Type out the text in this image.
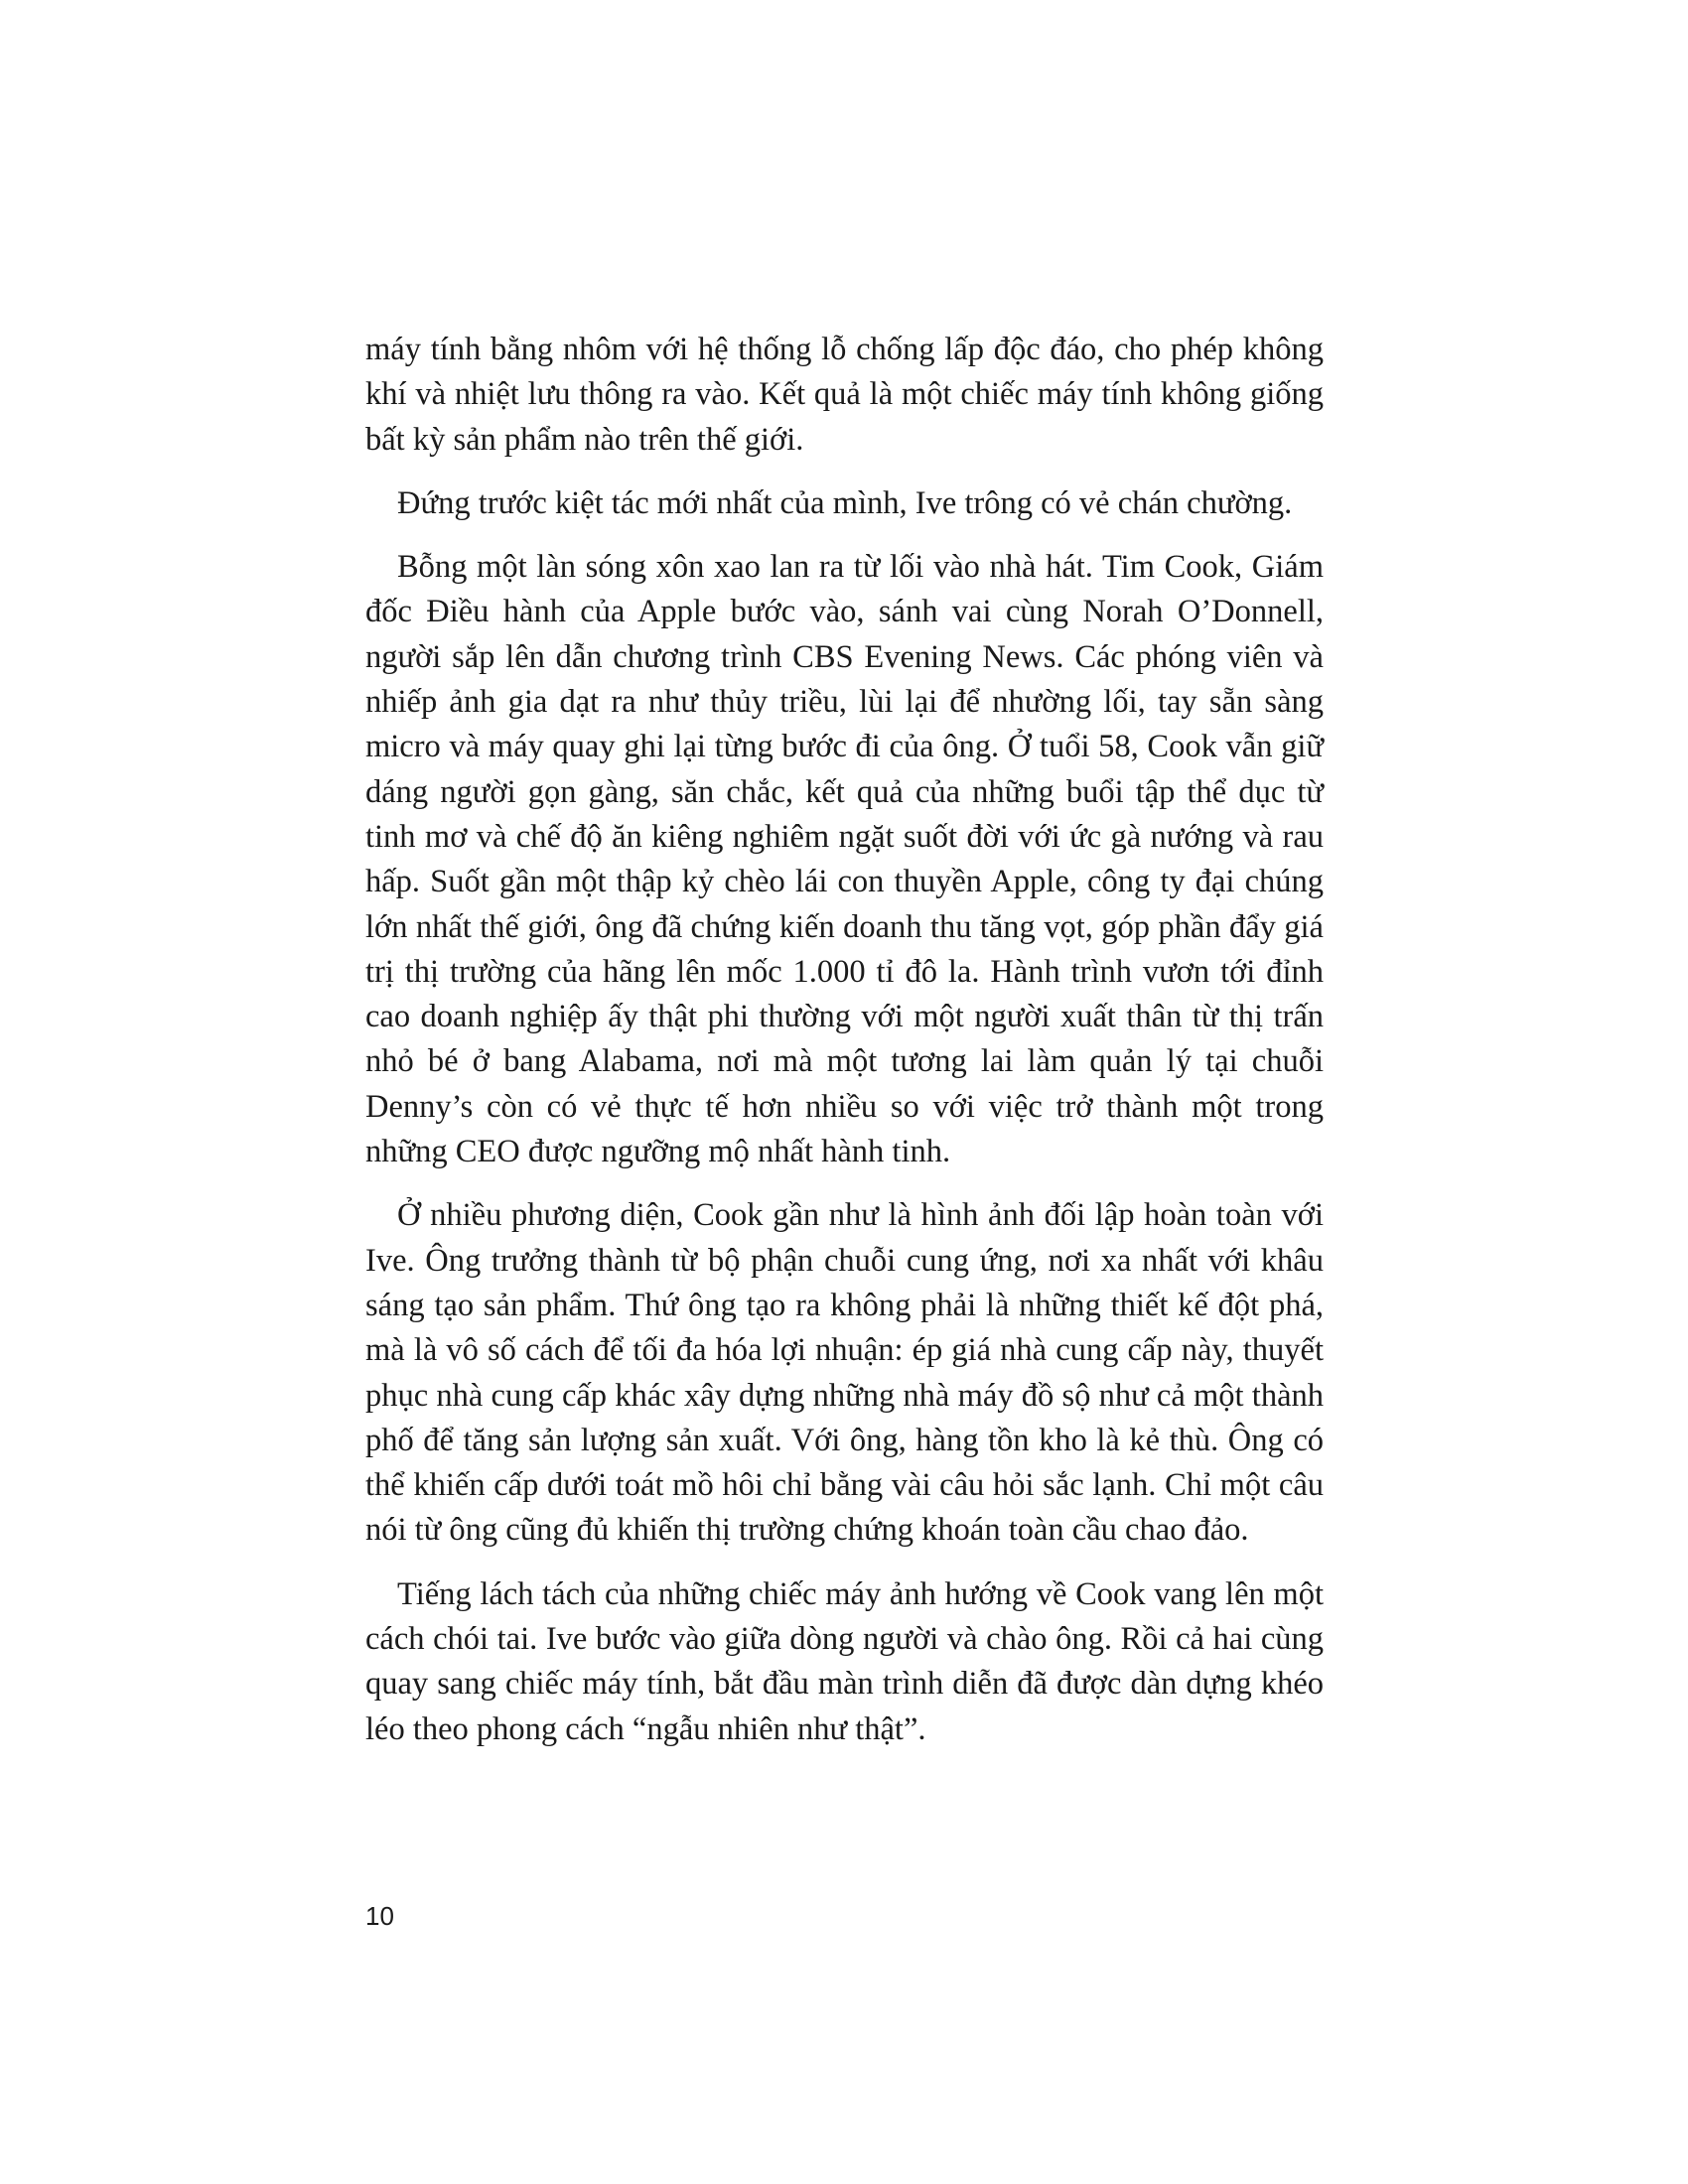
máy tính bằng nhôm với hệ thống lỗ chống lấp độc đáo, cho phép không khí và nhiệt lưu thông ra vào. Kết quả là một chiếc máy tính không giống bất kỳ sản phẩm nào trên thế giới.

Đứng trước kiệt tác mới nhất của mình, Ive trông có vẻ chán chường.

Bỗng một làn sóng xôn xao lan ra từ lối vào nhà hát. Tim Cook, Giám đốc Điều hành của Apple bước vào, sánh vai cùng Norah O’Donnell, người sắp lên dẫn chương trình CBS Evening News. Các phóng viên và nhiếp ảnh gia dạt ra như thủy triều, lùi lại để nhường lối, tay sẵn sàng micro và máy quay ghi lại từng bước đi của ông. Ở tuổi 58, Cook vẫn giữ dáng người gọn gàng, săn chắc, kết quả của những buổi tập thể dục từ tinh mơ và chế độ ăn kiêng nghiêm ngặt suốt đời với ức gà nướng và rau hấp. Suốt gần một thập kỷ chèo lái con thuyền Apple, công ty đại chúng lớn nhất thế giới, ông đã chứng kiến doanh thu tăng vọt, góp phần đẩy giá trị thị trường của hãng lên mốc 1.000 tỉ đô la. Hành trình vươn tới đỉnh cao doanh nghiệp ấy thật phi thường với một người xuất thân từ thị trấn nhỏ bé ở bang Alabama, nơi mà một tương lai làm quản lý tại chuỗi Denny’s còn có vẻ thực tế hơn nhiều so với việc trở thành một trong những CEO được ngưỡng mộ nhất hành tinh.

Ở nhiều phương diện, Cook gần như là hình ảnh đối lập hoàn toàn với Ive. Ông trưởng thành từ bộ phận chuỗi cung ứng, nơi xa nhất với khâu sáng tạo sản phẩm. Thứ ông tạo ra không phải là những thiết kế đột phá, mà là vô số cách để tối đa hóa lợi nhuận: ép giá nhà cung cấp này, thuyết phục nhà cung cấp khác xây dựng những nhà máy đồ sộ như cả một thành phố để tăng sản lượng sản xuất. Với ông, hàng tồn kho là kẻ thù. Ông có thể khiến cấp dưới toát mồ hôi chỉ bằng vài câu hỏi sắc lạnh. Chỉ một câu nói từ ông cũng đủ khiến thị trường chứng khoán toàn cầu chao đảo.

Tiếng lách tách của những chiếc máy ảnh hướng về Cook vang lên một cách chói tai. Ive bước vào giữa dòng người và chào ông. Rồi cả hai cùng quay sang chiếc máy tính, bắt đầu màn trình diễn đã được dàn dựng khéo léo theo phong cách “ngẫu nhiên như thật”.

10
